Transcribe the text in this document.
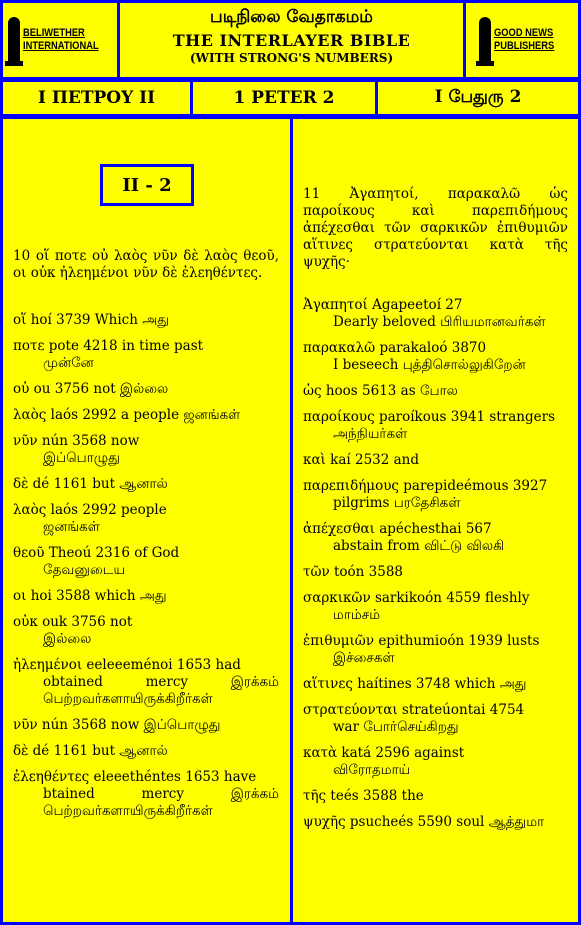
BELIWETHER
INTERNATIONAL
படிநிலை வேதாகமம்
THE INTERLAYER BIBLE
(WITH STRONG'S NUMBERS)
GOOD NEWS
PUBLISHERS
Ι ΠΕΤΡΟΥ ΙΙ	1 PETER 2	I பேதுரு 2
II - 2
10 οἵ ποτε οὐ λαὸς νῦν δὲ λαὸς θεοῦ, οι οὐκ ἠλεημένοι νῦν δὲ ἐλεηθέντες.
οἵ hoí 3739 Which அது
ποτε pote 4218 in time past
முன்னே
οὐ ou 3756 not இல்லை
λαὸς laós 2992 a people ஜனங்கள்
νῦν nún 3568 now
இப்பொழுது
δὲ dé 1161 but ஆனால்
λαὸς laós 2992 people
ஜனங்கள்
θεοῦ Theoú 2316 of God
தேவனுடைய
οι hoi 3588 which அது
οὐκ ouk 3756 not
இல்லை
ἠλεημένοι eeleeeménoi 1653 had
obtained mercy இரக்கம் பெற்றவர்களாயிருக்கிறீர்கள்
νῦν nún 3568 now இப்பொழுது
δὲ dé 1161 but ஆனால்
ἐλεηθέντες eleeethéntes 1653 have
btained mercy இரக்கம் பெற்றவர்களாயிருக்கிறீர்கள்
11 Ἀγαπητοί, παρακαλῶ ὡς παροίκους καὶ παρεπιδήμους ἀπέχεσθαι τῶν σαρκικῶν ἐπιθυμιῶν αἵτινες στρατεύονται κατὰ τῆς ψυχῆς·
Ἀγαπητοί Agapeetoí 27
Dearly beloved பிரியமானவர்கள்
παρακαλῶ parakaloó 3870
I beseech புத்திசொல்லுகிறேன்
ὡς hoos 5613 as போல
παροίκους paroíkous 3941 strangers
அந்நியர்கள்
καὶ kaí 2532 and
παρεπιδήμους parepideémous 3927
pilgrims பரதேசிகள்
ἀπέχεσθαι apéchesthai 567
abstain from விட்டு விலகி
τῶν toón 3588
σαρκικῶν sarkikoón 4559 fleshly
மாம்சம்
ἐπιθυμιῶν epithumioón 1939 lusts
இச்சைகள்
αἵτινες haítines 3748 which அது
στρατεύονται strateúontai 4754
war போர்செய்கிறது
κατὰ katá 2596 against
விரோதமாய்
τῆς teés 3588 the
ψυχῆς psucheés 5590 soul ஆத்துமா
